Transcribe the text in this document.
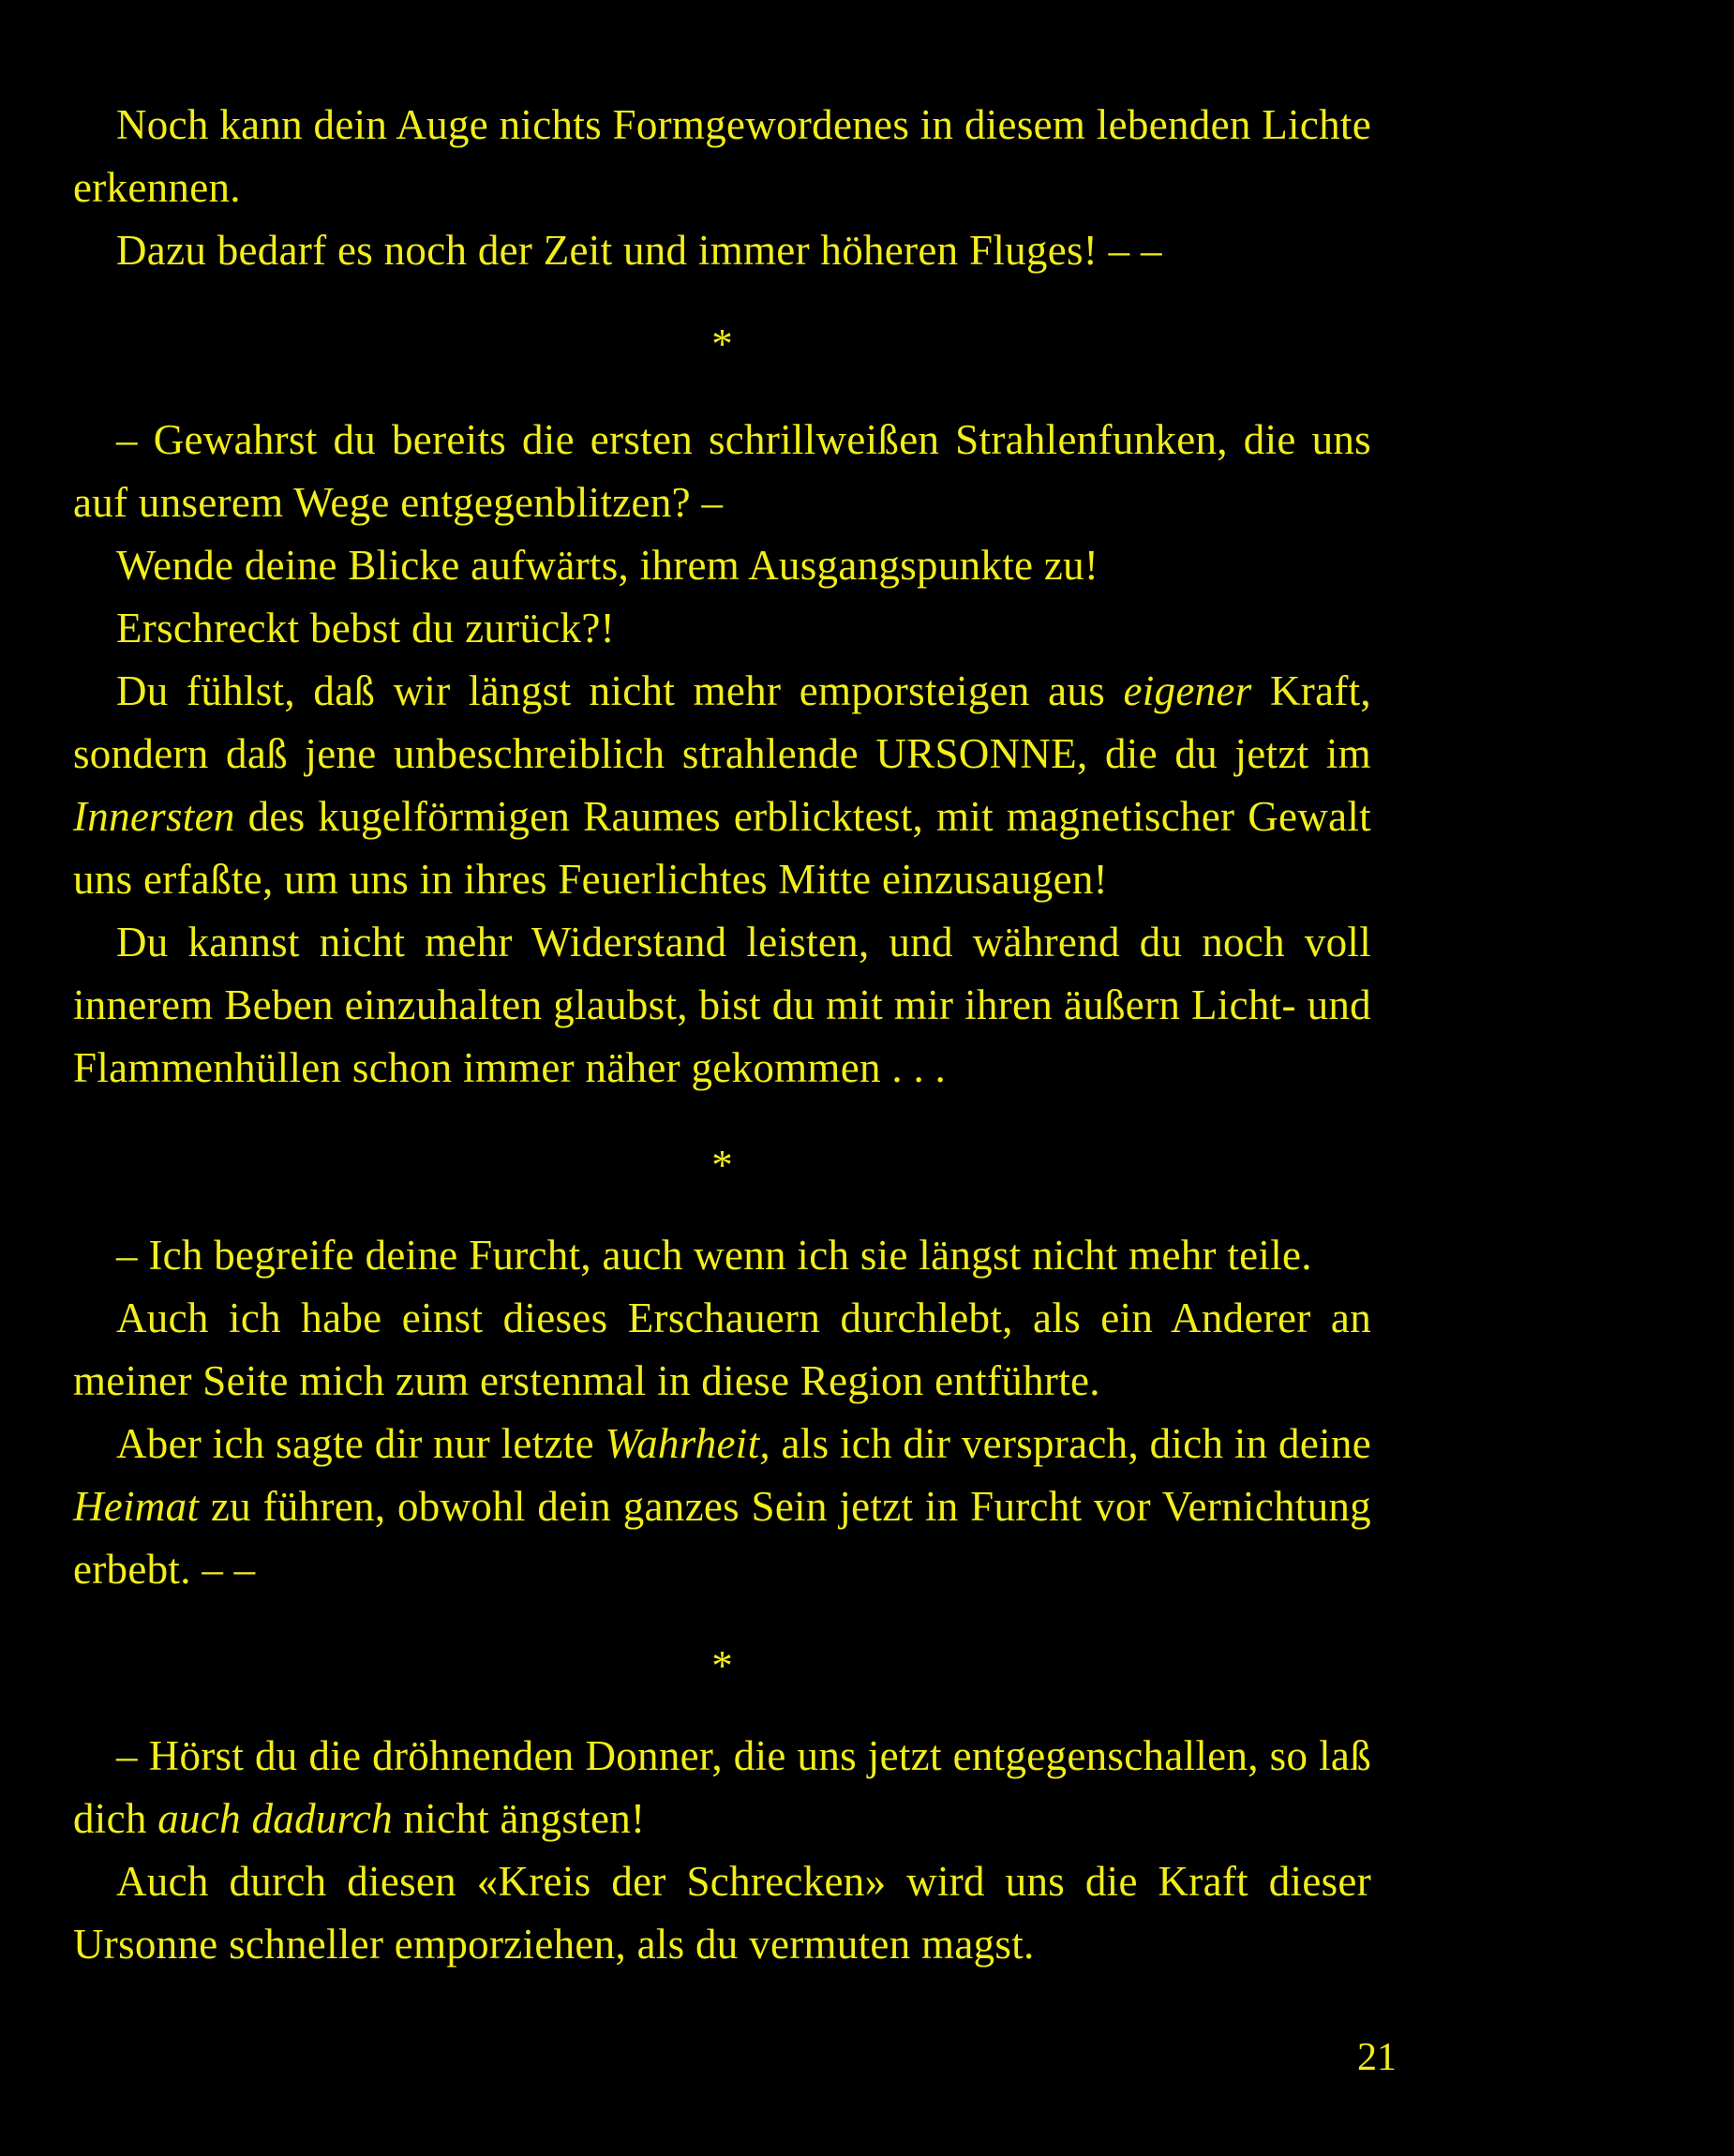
Noch kann dein Auge nichts Formgewordenes in diesem lebenden Lichte erkennen.

Dazu bedarf es noch der Zeit und immer höheren Fluges! – –

*

– Gewahrst du bereits die ersten schrillweißen Strahlenfunken, die uns auf unserem Wege entgegenblitzen? –

Wende deine Blicke aufwärts, ihrem Ausgangspunkte zu!

Erschreckt bebst du zurück?!

Du fühlst, daß wir längst nicht mehr emporsteigen aus eigener Kraft, sondern daß jene unbeschreiblich strahlende URSONNE, die du jetzt im Innersten des kugelförmigen Raumes erblicktest, mit magnetischer Gewalt uns erfaßte, um uns in ihres Feuerlichtes Mitte einzusaugen!

Du kannst nicht mehr Widerstand leisten, und während du noch voll innerem Beben einzuhalten glaubst, bist du mit mir ihren äußern Licht- und Flammenhüllen schon immer näher gekommen . . .

*

– Ich begreife deine Furcht, auch wenn ich sie längst nicht mehr teile.

Auch ich habe einst dieses Erschauern durchlebt, als ein Anderer an meiner Seite mich zum erstenmal in diese Region entführte.

Aber ich sagte dir nur letzte Wahrheit, als ich dir versprach, dich in deine Heimat zu führen, obwohl dein ganzes Sein jetzt in Furcht vor Vernichtung erbebt. – –

*

– Hörst du die dröhnenden Donner, die uns jetzt entgegenschallen, so laß dich auch dadurch nicht ängsten!

Auch durch diesen «Kreis der Schrecken» wird uns die Kraft dieser Ursonne schneller emporziehen, als du vermuten magst.

21
